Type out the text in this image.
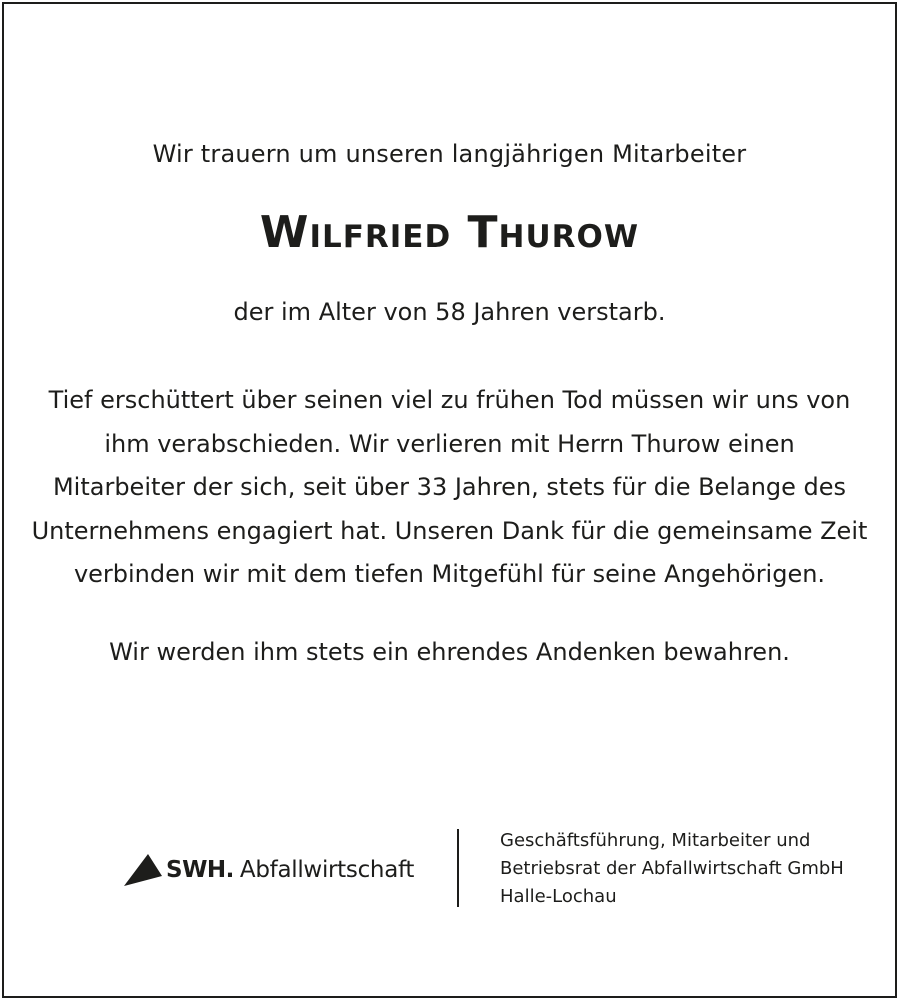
Wir trauern um unseren langjährigen Mitarbeiter
Wilfried Thurow
der im Alter von 58 Jahren verstarb.
Tief erschüttert über seinen viel zu frühen Tod müssen wir uns von
ihm verabschieden. Wir verlieren mit Herrn Thurow einen
Mitarbeiter der sich, seit über 33 Jahren, stets für die Belange des
Unternehmens engagiert hat. Unseren Dank für die gemeinsame Zeit
verbinden wir mit dem tiefen Mitgefühl für seine Angehörigen.
Wir werden ihm stets ein ehrendes Andenken bewahren.
SWH. Abfallwirtschaft
Geschäftsführung, Mitarbeiter und
Betriebsrat der Abfallwirtschaft GmbH
Halle-Lochau
